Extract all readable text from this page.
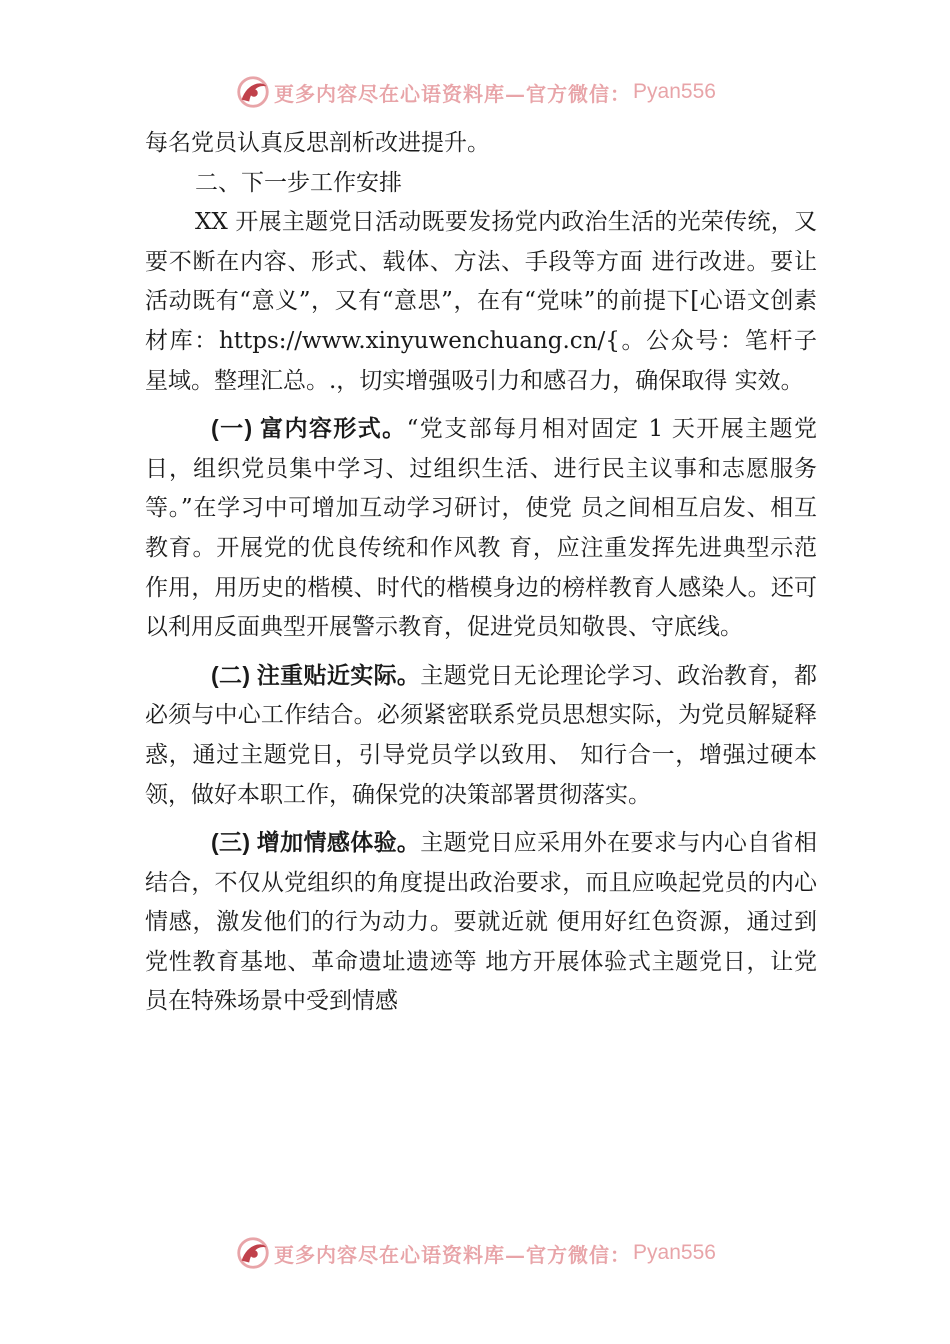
更多内容尽在心语资料库—官方微信： Pyan556

每名党员认真反思剖析改进提升。

二、下一步工作安排

XX 开展主题党日活动既要发扬党内政治生活的光荣传统，又要不断在内容、形式、载体、方法、手段等方面 进行改进。要让活动既有“意义”，又有“意思”，在有“党味”的前提下[心语文创素材库：https://www.xinyuwenchuang.cn/{。公众号：笔杆子星域。整理汇总。.，切实增强吸引力和感召力，确保取得 实效。

(一) 富内容形式。“党支部每月相对固定 1 天开展主题党日，组织党员集中学习、过组织生活、进行民主议事和志愿服务等。”在学习中可增加互动学习研讨，使党 员之间相互启发、相互教育。开展党的优良传统和作风教 育，应注重发挥先进典型示范作用，用历史的楷模、时代的楷模身边的榜样教育人感染人。还可以利用反面典型开展警示教育，促进党员知敬畏、守底线。

(二) 注重贴近实际。主题党日无论理论学习、政治教育，都必须与中心工作结合。必须紧密联系党员思想实际，为党员解疑释惑，通过主题党日，引导党员学以致用、 知行合一，增强过硬本领，做好本职工作，确保党的决策部署贯彻落实。

(三) 增加情感体验。主题党日应采用外在要求与内心自省相结合，不仅从党组织的角度提出政治要求，而且应唤起党员的内心情感，激发他们的行为动力。要就近就 便用好红色资源，通过到党性教育基地、革命遗址遗迹等 地方开展体验式主题党日，让党员在特殊场景中受到情感

更多内容尽在心语资料库—官方微信： Pyan556
